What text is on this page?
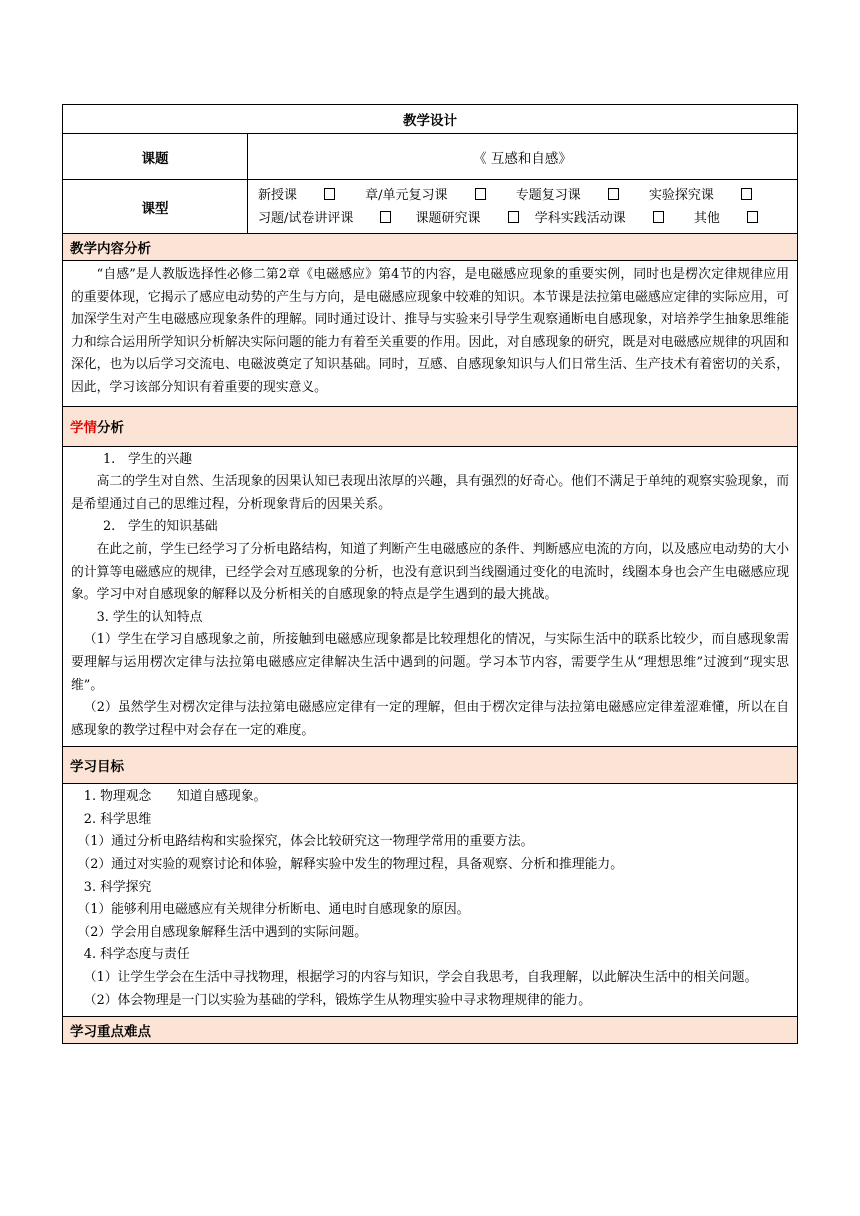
教学设计
课题	《 互感和自感》
课型
新授课	章/单元复习课	专题复习课	实验探究课
习题/试卷讲评课	课题研究课	学科实践活动课	其他
教学内容分析

“自感”是人教版选择性必修二第2章《电磁感应》第4节的内容，是电磁感应现象的重要实例，同时也是楞次定律规律应用的重要体现，它揭示了感应电动势的产生与方向，是电磁感应现象中较难的知识。本节课是法拉第电磁感应定律的实际应用，可加深学生对产生电磁感应现象条件的理解。同时通过设计、推导与实验来引导学生观察通断电自感现象，对培养学生抽象思维能力和综合运用所学知识分析解决实际问题的能力有着至关重要的作用。因此，对自感现象的研究，既是对电磁感应规律的巩固和深化，也为以后学习交流电、电磁波奠定了知识基础。同时，互感、自感现象知识与人们日常生活、生产技术有着密切的关系，因此，学习该部分知识有着重要的现实意义。

学情 分析

1.　学生的兴趣

高二的学生对自然、生活现象的因果认知已表现出浓厚的兴趣，具有强烈的好奇心。他们不满足于单纯的观察实验现象，而是希望通过自己的思维过程，分析现象背后的因果关系。

2.　学生的知识基础

在此之前，学生已经学习了分析电路结构，知道了判断产生电磁感应的条件、判断感应电流的方向，以及感应电动势的大小的计算等电磁感应的规律，已经学会对互感现象的分析，也没有意识到当线圈通过变化的电流时，线圈本身也会产生电磁感应现象。学习中对自感现象的解释以及分析相关的自感现象的特点是学生遇到的最大挑战。

3. 学生的认知特点

（1）学生在学习自感现象之前，所接触到电磁感应现象都是比较理想化的情况，与实际生活中的联系比较少，而自感现象需要理解与运用楞次定律与法拉第电磁感应定律解决生活中遇到的问题。学习本节内容，需要学生从“理想思维”过渡到“现实思维”。

（2）虽然学生对楞次定律与法拉第电磁感应定律有一定的理解，但由于楞次定律与法拉第电磁感应定律羞涩难懂，所以在自感现象的教学过程中对会存在一定的难度。

学习目标

1. 物理观念　　知道自感现象。

2. 科学思维

（1）通过分析电路结构和实验探究，体会比较研究这一物理学常用的重要方法。

（2）通过对实验的观察讨论和体验，解释实验中发生的物理过程，具备观察、分析和推理能力。

3. 科学探究

（1）能够利用电磁感应有关规律分析断电、通电时自感现象的原因。

（2）学会用自感现象解释生活中遇到的实际问题。

4. 科学态度与责任

（1）让学生学会在生活中寻找物理，根据学习的内容与知识，学会自我思考，自我理解，以此解决生活中的相关问题。

（2）体会物理是一门以实验为基础的学科，锻炼学生从物理实验中寻求物理规律的能力。

学习重点难点
